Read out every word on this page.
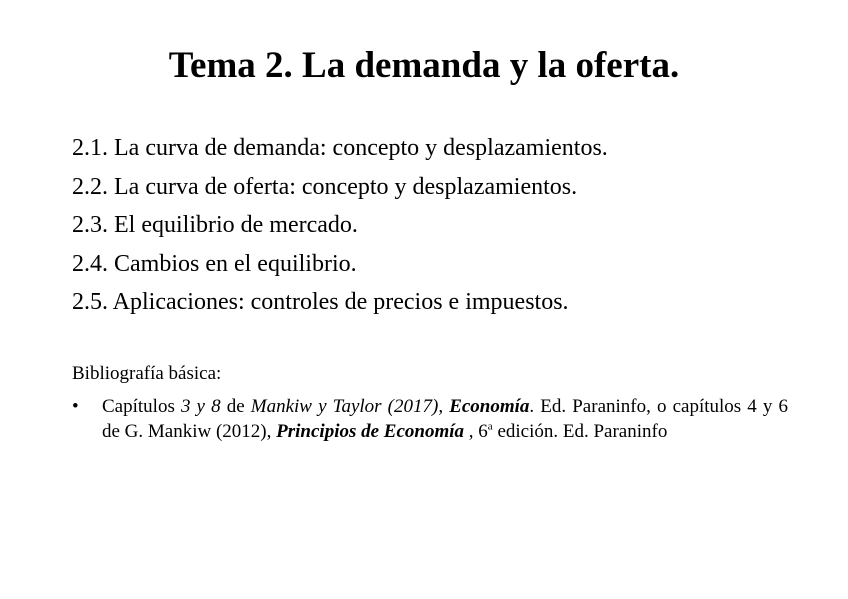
Tema 2. La demanda y la oferta.
2.1. La curva de demanda: concepto y desplazamientos.
2.2. La curva de oferta: concepto y desplazamientos.
2.3. El equilibrio de mercado.
2.4. Cambios en el equilibrio.
2.5. Aplicaciones: controles de precios e impuestos.

Bibliografía básica:

• Capítulos 3 y 8 de Mankiw y Taylor (2017), Economía. Ed. Paraninfo, o capítulos 4 y 6 de G. Mankiw (2012), Principios de Economía , 6$^a$ edición. Ed. Paraninfo
